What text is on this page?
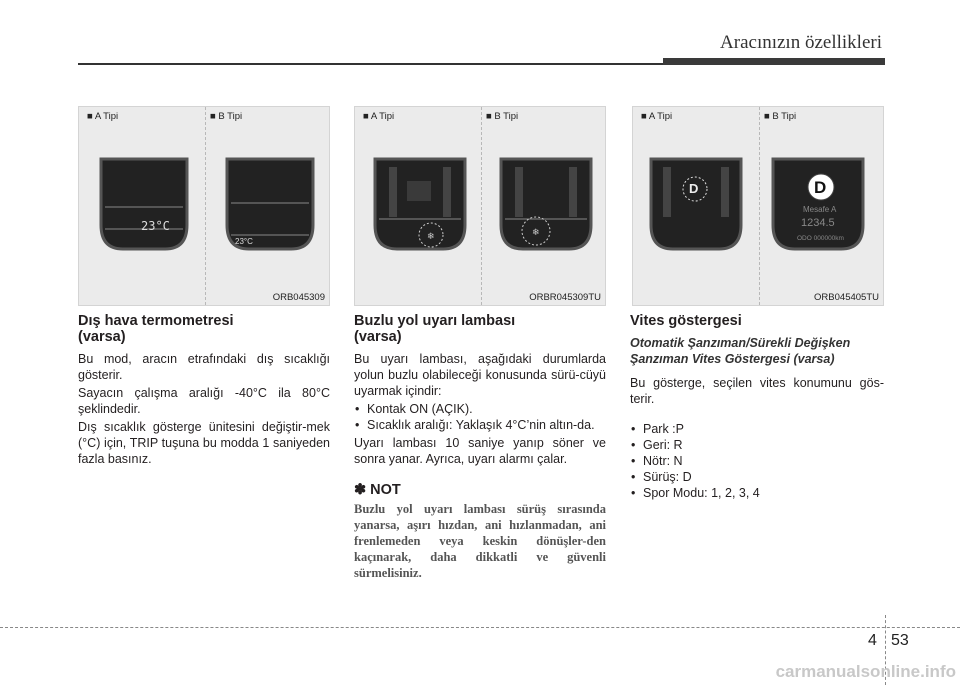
Aracınızın özellikleri
■ A Tipi	■ B Tipi
23°C
23°C
ORB045309
❄	❄
■ A Tipi	■ B Tipi
ORBR045309TU
■ A Tipi	■ B Tipi
D	D
Mesafe A
1234.5
ODO 000000km
ORB045405TU
Dış hava termometresi
(varsa)

Bu mod, aracın etrafındaki dış sıcaklığı gösterir.

Sayacın çalışma aralığı -40°C ila 80°C şeklindedir.

Dış sıcaklık gösterge ünitesini değiştir-mek (°C) için, TRIP tuşuna bu modda 1 saniyeden fazla basınız.

Buzlu yol uyarı lambası
(varsa)

Bu uyarı lambası, aşağıdaki durumlarda yolun buzlu olabileceği konusunda sürü-cüyü uyarmak içindir:

• Kontak ON (AÇIK).
• Sıcaklık aralığı: Yaklaşık 4°C’nin altın-da.

Uyarı lambası 10 saniye yanıp söner ve sonra yanar. Ayrıca, uyarı alarmı çalar.

✽ NOT
Buzlu yol uyarı lambası sürüş sırasında yanarsa, aşırı hızdan, ani hızlanmadan, ani frenlemeden veya keskin dönüşler-den kaçınarak, daha dikkatli ve güvenli sürmelisiniz.
Vites göstergesi
Otomatik Şanzıman/Sürekli Değişken
Şanzıman Vites Göstergesi (varsa)

Bu gösterge, seçilen vites konumunu gös-terir.

• Park :P
• Geri: R
• Nötr: N
• Sürüş: D
• Spor Modu: 1, 2, 3, 4
4 53
carmanualsonline.info
